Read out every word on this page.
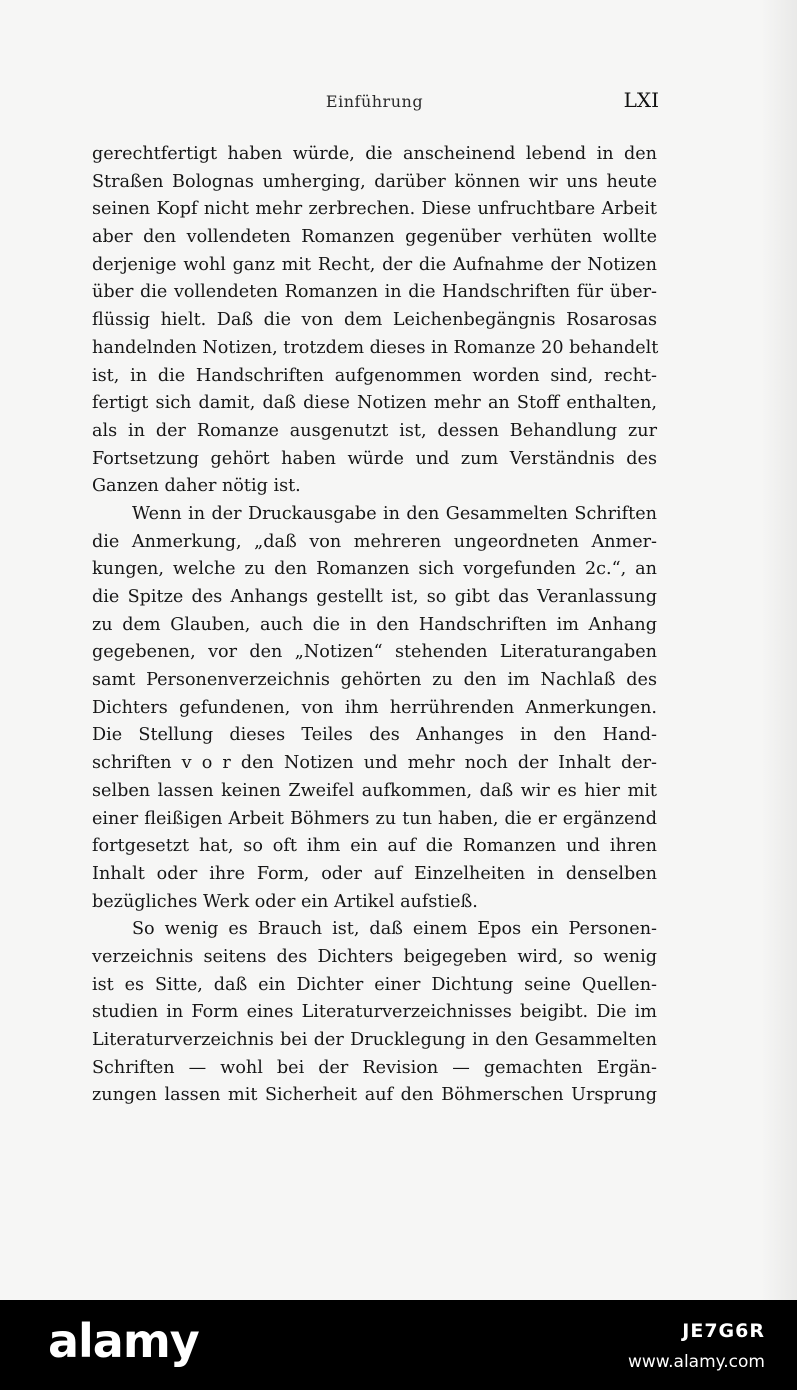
Einführung	LXI
gerechtfertigt haben würde, die anscheinend lebend in den
Straßen Bolognas umherging, darüber können wir uns heute
seinen Kopf nicht mehr zerbrechen. Diese unfruchtbare Arbeit
aber den vollendeten Romanzen gegenüber verhüten wollte
derjenige wohl ganz mit Recht, der die Aufnahme der Notizen
über die vollendeten Romanzen in die Handschriften für über-
flüssig hielt. Daß die von dem Leichenbegängnis Rosarosas
handelnden Notizen, trotzdem dieses in Romanze 20 behandelt
ist, in die Handschriften aufgenommen worden sind, recht-
fertigt sich damit, daß diese Notizen mehr an Stoff enthalten,
als in der Romanze ausgenutzt ist, dessen Behandlung zur
Fortsetzung gehört haben würde und zum Verständnis des
Ganzen daher nötig ist.
Wenn in der Druckausgabe in den Gesammelten Schriften
die Anmerkung, „daß von mehreren ungeordneten Anmer-
kungen, welche zu den Romanzen sich vorgefunden 2c.“, an
die Spitze des Anhangs gestellt ist, so gibt das Veranlassung
zu dem Glauben, auch die in den Handschriften im Anhang
gegebenen, vor den „Notizen“ stehenden Literaturangaben
samt Personenverzeichnis gehörten zu den im Nachlaß des
Dichters gefundenen, von ihm herrührenden Anmerkungen.
Die Stellung dieses Teiles des Anhanges in den Hand-
schriften v o r den Notizen und mehr noch der Inhalt der-
selben lassen keinen Zweifel aufkommen, daß wir es hier mit
einer fleißigen Arbeit Böhmers zu tun haben, die er ergänzend
fortgesetzt hat, so oft ihm ein auf die Romanzen und ihren
Inhalt oder ihre Form, oder auf Einzelheiten in denselben
bezügliches Werk oder ein Artikel aufstieß.
So wenig es Brauch ist, daß einem Epos ein Personen-
verzeichnis seitens des Dichters beigegeben wird, so wenig
ist es Sitte, daß ein Dichter einer Dichtung seine Quellen-
studien in Form eines Literaturverzeichnisses beigibt. Die im
Literaturverzeichnis bei der Drucklegung in den Gesammelten
Schriften — wohl bei der Revision — gemachten Ergän-
zungen lassen mit Sicherheit auf den Böhmerschen Ursprung
alamy	JE7G6R
www.alamy.com
